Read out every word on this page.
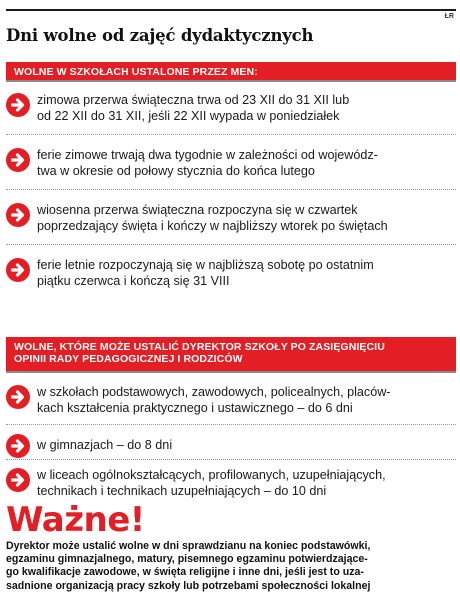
ŁR
Dni wolne od zajęć dydaktycznych
WOLNE W SZKOŁACH USTALONE PRZEZ MEN:
zimowa przerwa świąteczna trwa od 23 XII do 31 XII lub
od 22 XII do 31 XII, jeśli 22 XII wypada w poniedziałek
ferie zimowe trwają dwa tygodnie w zależności od wojewódz-
twa w okresie od połowy stycznia do końca lutego
wiosenna przerwa świąteczna rozpoczyna się w czwartek
poprzedzający święta i kończy w najbliższy wtorek po świętach
ferie letnie rozpoczynają się w najbliższą sobotę po ostatnim
piątku czerwca i kończą się 31 VIII
WOLNE, KTÓRE MOŻE USTALIĆ DYREKTOR SZKOŁY PO ZASIĘGNIĘCIU
OPINII RADY PEDAGOGICZNEJ I RODZICÓW
w szkołach podstawowych, zawodowych, policealnych, placów-
kach kształcenia praktycznego i ustawicznego – do 6 dni
w gimnazjach – do 8 dni
w liceach ogólnokształcących, profilowanych, uzupełniających,
technikach i technikach uzupełniających – do 10 dni
Ważne!
Dyrektor może ustalić wolne w dni sprawdzianu na koniec podstawówki,
egzaminu gimnazjalnego, matury, pisemnego egzaminu potwierdzające-
go kwalifikacje zawodowe, w święta religijne i inne dni, jeśli jest to uza-
sadnione organizacją pracy szkoły lub potrzebami społeczności lokalnej
